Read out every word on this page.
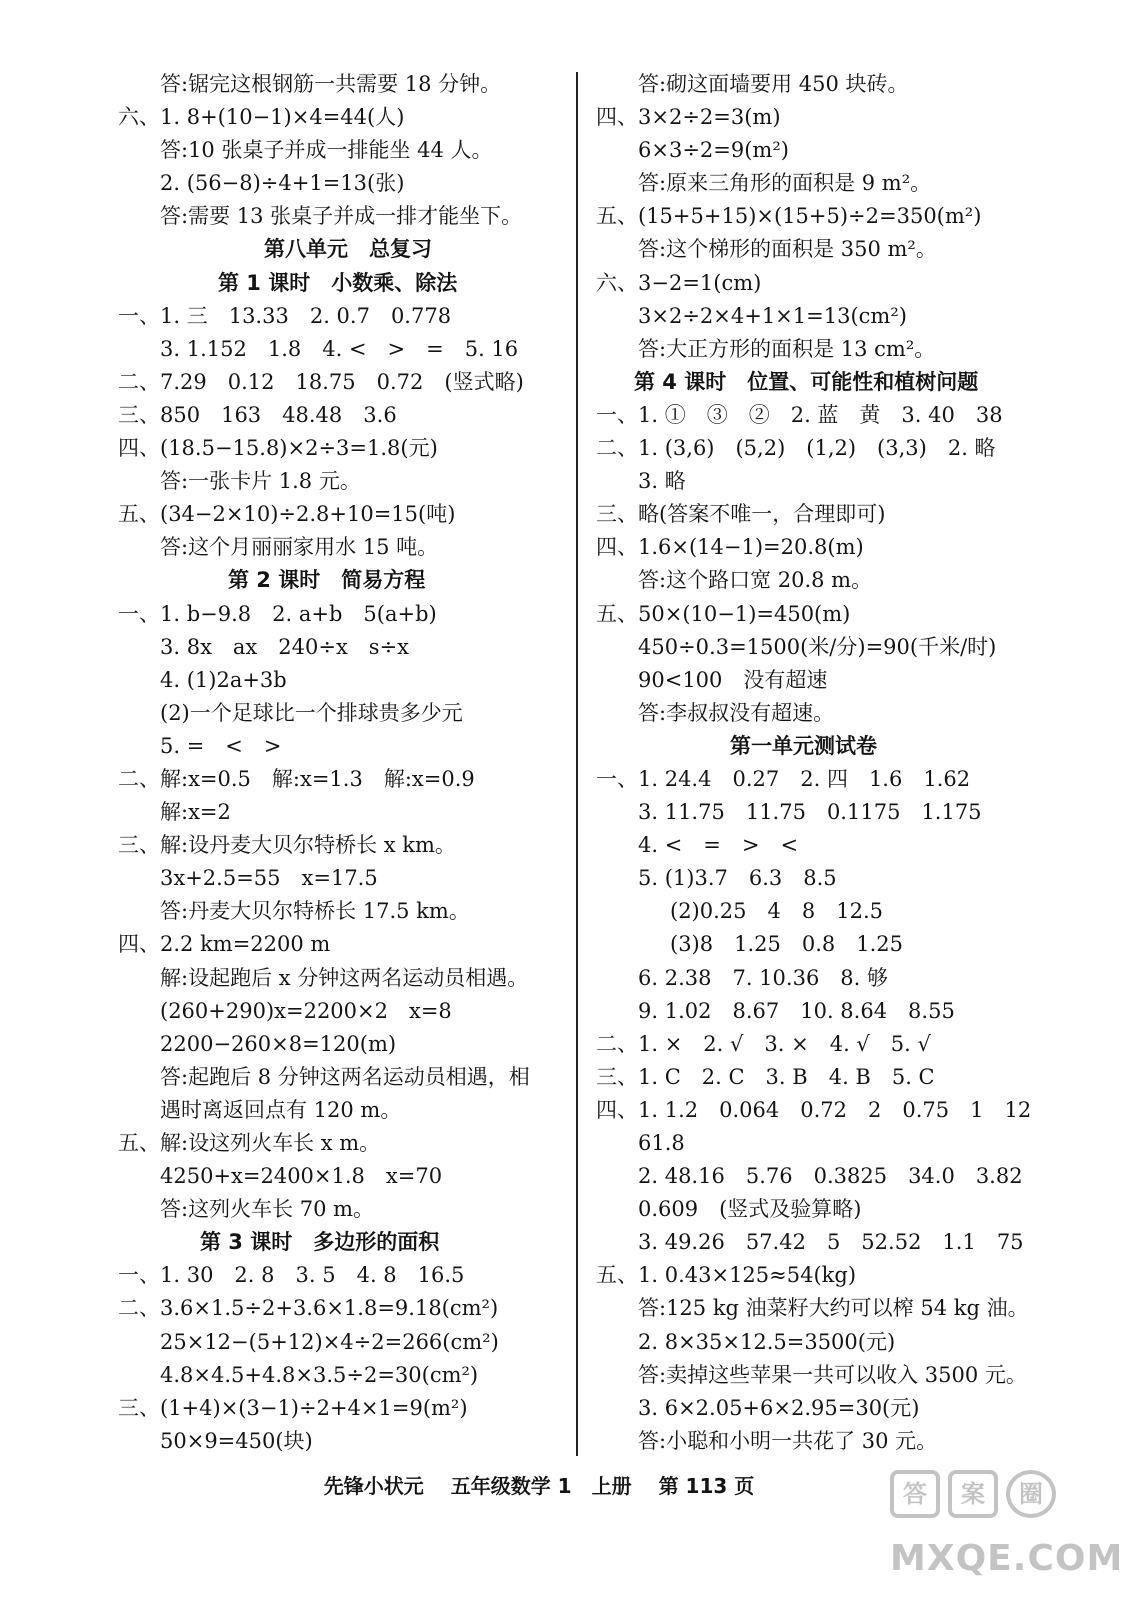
答:锯完这根钢筋一共需要 18 分钟。
六、1. 8+(10−1)×4=44(人)
答:10 张桌子并成一排能坐 44 人。
2. (56−8)÷4+1=13(张)
答:需要 13 张桌子并成一排才能坐下。
第八单元　总复习
第 1 课时　小数乘、除法
一、1. 三　13.33　2. 0.7　0.778
3. 1.152　1.8　4. <　>　=　5. 16
二、7.29　0.12　18.75　0.72　(竖式略)
三、850　163　48.48　3.6
四、(18.5−15.8)×2÷3=1.8(元)
答:一张卡片 1.8 元。
五、(34−2×10)÷2.8+10=15(吨)
答:这个月丽丽家用水 15 吨。
第 2 课时　简易方程
一、1. b−9.8　2. a+b　5(a+b)
3. 8x　ax　240÷x　s÷x
4. (1)2a+3b
(2)一个足球比一个排球贵多少元
5. =　<　>
二、解:x=0.5　解:x=1.3　解:x=0.9
解:x=2
三、解:设丹麦大贝尔特桥长 x km。
3x+2.5=55　x=17.5
答:丹麦大贝尔特桥长 17.5 km。
四、2.2 km=2200 m
解:设起跑后 x 分钟这两名运动员相遇。
(260+290)x=2200×2　x=8
2200−260×8=120(m)
答:起跑后 8 分钟这两名运动员相遇，相
遇时离返回点有 120 m。
五、解:设这列火车长 x m。
4250+x=2400×1.8　x=70
答:这列火车长 70 m。
第 3 课时　多边形的面积
一、1. 30　2. 8　3. 5　4. 8　16.5
二、3.6×1.5÷2+3.6×1.8=9.18(cm²)
25×12−(5+12)×4÷2=266(cm²)
4.8×4.5+4.8×3.5÷2=30(cm²)
三、(1+4)×(3−1)÷2+4×1=9(m²)
50×9=450(块)
答:砌这面墙要用 450 块砖。
四、3×2÷2=3(m)
6×3÷2=9(m²)
答:原来三角形的面积是 9 m²。
五、(15+5+15)×(15+5)÷2=350(m²)
答:这个梯形的面积是 350 m²。
六、3−2=1(cm)
3×2÷2×4+1×1=13(cm²)
答:大正方形的面积是 13 cm²。
第 4 课时　位置、可能性和植树问题
一、1. ①　③　②　2. 蓝　黄　3. 40　38
二、1. (3,6)　(5,2)　(1,2)　(3,3)　2. 略
3. 略
三、略(答案不唯一，合理即可)
四、1.6×(14−1)=20.8(m)
答:这个路口宽 20.8 m。
五、50×(10−1)=450(m)
450÷0.3=1500(米/分)=90(千米/时)
90<100　没有超速
答:李叔叔没有超速。
第一单元测试卷
一、1. 24.4　0.27　2. 四　1.6　1.62
3. 11.75　11.75　0.1175　1.175
4. <　=　>　<
5. (1)3.7　6.3　8.5
(2)0.25　4　8　12.5
(3)8　1.25　0.8　1.25
6. 2.38　7. 10.36　8. 够
9. 1.02　8.67　10. 8.64　8.55
二、1. ×　2. √　3. ×　4. √　5. √
三、1. C　2. C　3. B　4. B　5. C
四、1. 1.2　0.064　0.72　2　0.75　1　12
61.8
2. 48.16　5.76　0.3825　34.0　3.82
0.609　(竖式及验算略)
3. 49.26　57.42　5　52.52　1.1　75
五、1. 0.43×125≈54(kg)
答:125 kg 油菜籽大约可以榨 54 kg 油。
2. 8×35×12.5=3500(元)
答:卖掉这些苹果一共可以收入 3500 元。
3. 6×2.05+6×2.95=30(元)
答:小聪和小明一共花了 30 元。
先锋小状元 五年级数学 1　上册 第 113 页	答	案	圈
MXQE.COM
